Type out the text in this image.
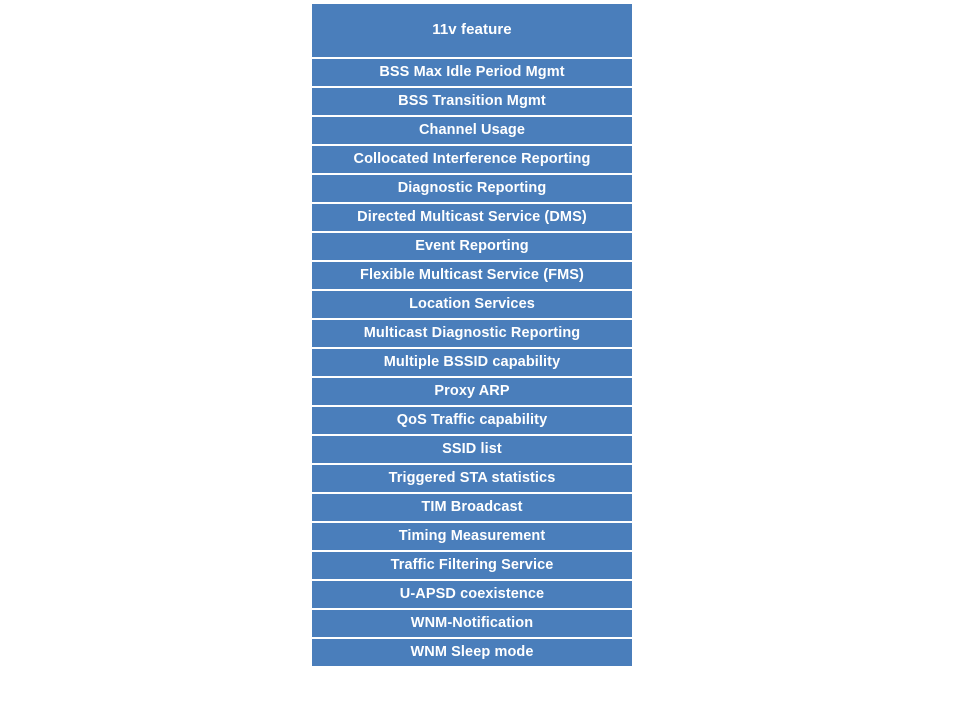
11v feature
BSS Max Idle Period Mgmt
BSS Transition Mgmt
Channel Usage
Collocated Interference Reporting
Diagnostic Reporting
Directed Multicast Service (DMS)
Event Reporting
Flexible Multicast Service (FMS)
Location Services
Multicast Diagnostic Reporting
Multiple BSSID capability
Proxy ARP
QoS Traffic capability
SSID list
Triggered STA statistics
TIM Broadcast
Timing Measurement
Traffic Filtering Service
U-APSD coexistence
WNM-Notification
WNM Sleep mode
